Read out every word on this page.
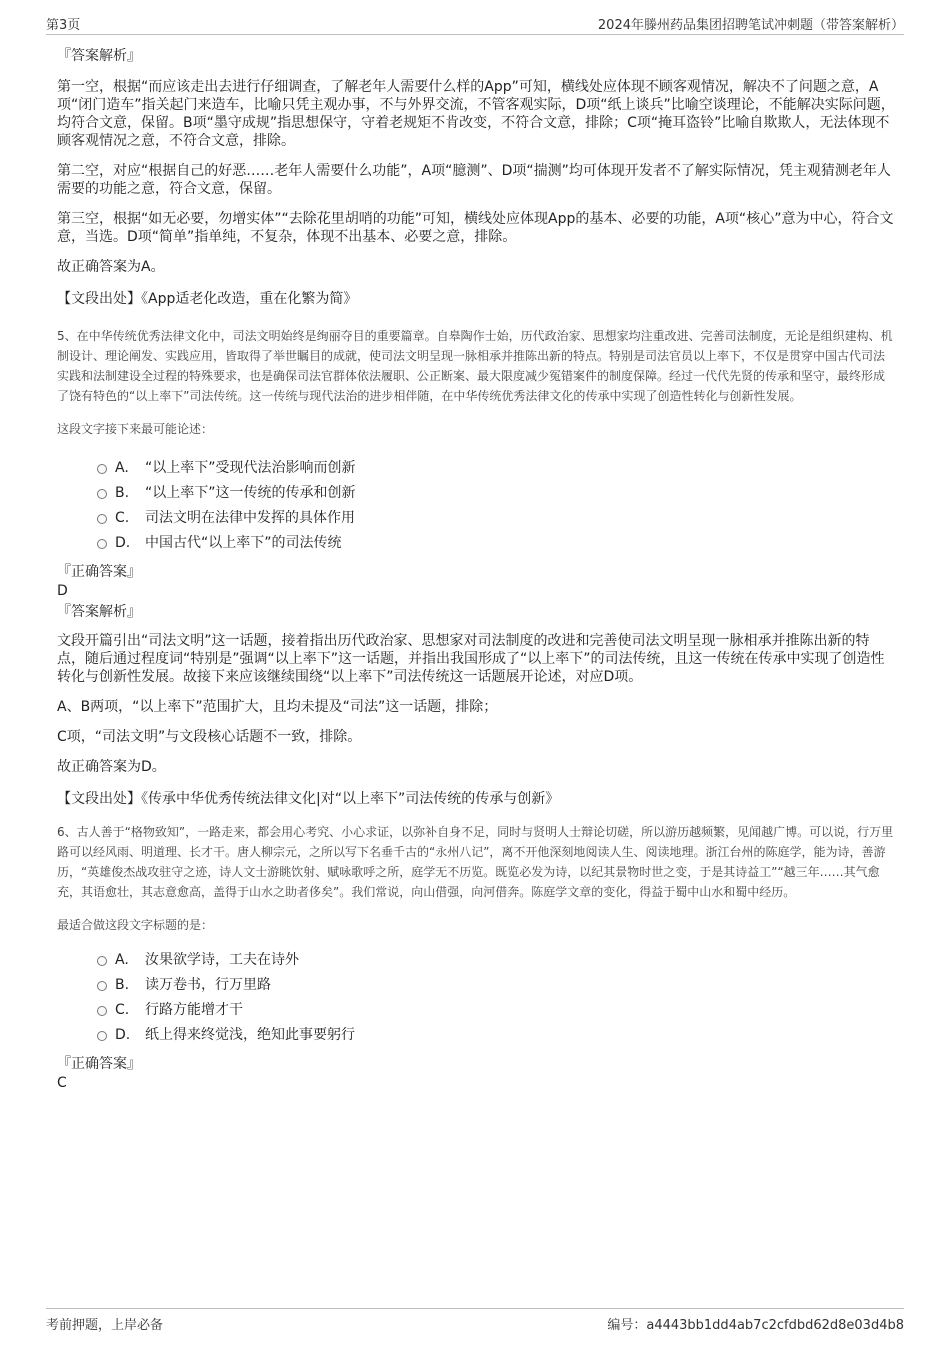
第3页	2024年滕州药品集团招聘笔试冲刺题（带答案解析）
『答案解析』

第一空，根据“而应该走出去进行仔细调查，了解老年人需要什么样的App”可知，横线处应体现不顾客观情况，解决不了问题之意，A项“闭门造车”指关起门来造车，比喻只凭主观办事，不与外界交流，不管客观实际，D项“纸上谈兵”比喻空谈理论，不能解决实际问题，均符合文意，保留。B项“墨守成规”指思想保守，守着老规矩不肯改变，不符合文意，排除；C项“掩耳盗铃”比喻自欺欺人，无法体现不顾客观情况之意，不符合文意，排除。

第二空，对应“根据自己的好恶……老年人需要什么功能”，A项“臆测”、D项“揣测”均可体现开发者不了解实际情况，凭主观猜测老年人需要的功能之意，符合文意，保留。

第三空，根据“如无必要，勿增实体”“去除花里胡哨的功能”可知，横线处应体现App的基本、必要的功能，A项“核心”意为中心，符合文意，当选。D项“简单”指单纯，不复杂，体现不出基本、必要之意，排除。

故正确答案为A。

【文段出处】《App适老化改造，重在化繁为简》

5、在中华传统优秀法律文化中，司法文明始终是绚丽夺目的重要篇章。自皋陶作士始，历代政治家、思想家均注重改进、完善司法制度，无论是组织建构、机制设计、理论阐发、实践应用，皆取得了举世瞩目的成就，使司法文明呈现一脉相承并推陈出新的特点。特别是司法官员以上率下，不仅是贯穿中国古代司法实践和法制建设全过程的特殊要求，也是确保司法官群体依法履职、公正断案、最大限度减少冤错案件的制度保障。经过一代代先贤的传承和坚守，最终形成了饶有特色的“以上率下”司法传统。这一传统与现代法治的进步相伴随，在中华传统优秀法律文化的传承中实现了创造性转化与创新性发展。

这段文字接下来最可能论述：
A. “以上率下”受现代法治影响而创新
B. “以上率下”这一传统的传承和创新
C. 司法文明在法律中发挥的具体作用
D. 中国古代“以上率下”的司法传统
『正确答案』
D
『答案解析』

文段开篇引出“司法文明”这一话题，接着指出历代政治家、思想家对司法制度的改进和完善使司法文明呈现一脉相承并推陈出新的特点，随后通过程度词“特别是”强调“以上率下”这一话题，并指出我国形成了“以上率下”的司法传统，且这一传统在传承中实现了创造性转化与创新性发展。故接下来应该继续围绕“以上率下”司法传统这一话题展开论述，对应D项。

A、B两项，“以上率下”范围扩大，且均未提及“司法”这一话题，排除；

C项，“司法文明”与文段核心话题不一致，排除。

故正确答案为D。

【文段出处】《传承中华优秀传统法律文化|对“以上率下”司法传统的传承与创新》

6、古人善于“格物致知”，一路走来，都会用心考究、小心求证，以弥补自身不足，同时与贤明人士辩论切磋，所以游历越频繁，见闻越广博。可以说，行万里路可以经风雨、明道理、长才干。唐人柳宗元，之所以写下名垂千古的“永州八记”，离不开他深刻地阅读人生、阅读地理。浙江台州的陈庭学，能为诗，善游历，“英雄俊杰战攻驻守之迹，诗人文士游眺饮射、赋咏歌呼之所，庭学无不历览。既览必发为诗，以纪其景物时世之变，于是其诗益工”“越三年……其气愈充，其语愈壮，其志意愈高，盖得于山水之助者侈矣”。我们常说，向山借强，向河借奔。陈庭学文章的变化，得益于蜀中山水和蜀中经历。

最适合做这段文字标题的是：
A. 汝果欲学诗，工夫在诗外
B. 读万卷书，行万里路
C. 行路方能增才干
D. 纸上得来终觉浅，绝知此事要躬行
『正确答案』
C
考前押题，上岸必备	编号：a4443bb1dd4ab7c2cfdbd62d8e03d4b8
